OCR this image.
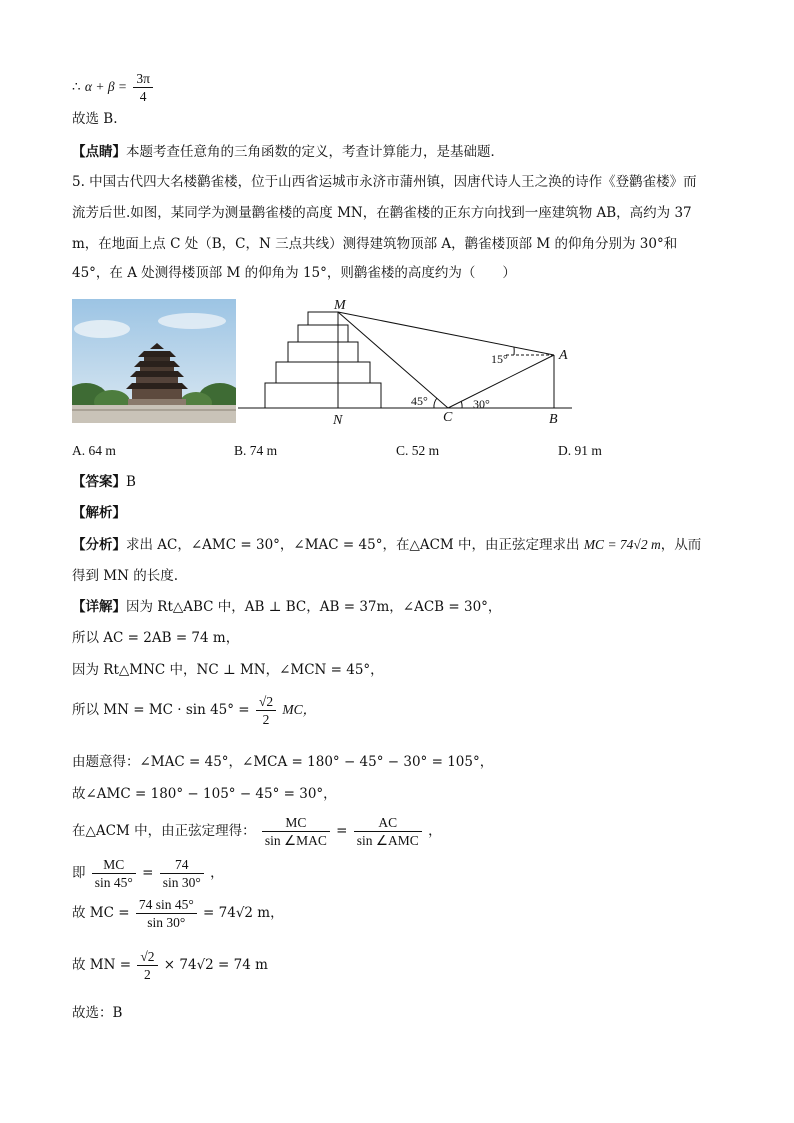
∴ $\alpha + \beta = \frac{3\pi}{4}$
故选 B.
【点睛】本题考查任意角的三角函数的定义，考查计算能力，是基础题．
5. 中国古代四大名楼鹳雀楼，位于山西省运城市永济市蒲州镇，因唐代诗人王之涣的诗作《登鹳雀楼》而
流芳后世.如图，某同学为测量鹳雀楼的高度 MN，在鹳雀楼的正东方向找到一座建筑物 AB，高约为 37
m，在地面上点 C 处（B，C，N 三点共线）测得建筑物顶部 A，鹳雀楼顶部 M 的仰角分别为 30°和
45°，在 A 处测得楼顶部 M 的仰角为 15°，则鹳雀楼的高度约为（　　）
M
N	C	B
A
45°	30°
15°
A. 64 m	B. 74 m	C. 52 m	D. 91 m
【答案】B
【解析】
【分析】求出 AC，∠AMC = 30°，∠MAC = 45°，在△ACM 中，由正弦定理求出 MC = 74√2 m，从而
得到 MN 的长度.
【详解】因为 Rt△ABC 中，AB ⊥ BC，AB = 37m，∠ACB = 30°，
所以 AC = 2AB = 74 m，
因为 Rt△MNC 中，NC ⊥ MN，∠MCN = 45°，
所以 MN = MC · $\sin 45^\circ = \frac{√2}{2}$ MC，
由题意得：∠MAC = 45°，∠MCA = 180° − 45° − 30° = 105°，
故∠AMC = 180° − 105° − 45° = 30°，
在△ACM 中，由正弦定理得： $\frac{MC}{\text{sin ∠MAC}} = \frac{AC}{\text{sin ∠AMC}}$ ，
即 $\frac{MC}{\sin 45^\circ} = \frac{74}{\sin 30^\circ}$ ，
故 MC = $\frac{74 \sin 45^\circ}{\sin 30^\circ} = 74√2$ m，
故 MN = $\frac{√2}{2} \times 74√2 = 74$ m
故选：B
